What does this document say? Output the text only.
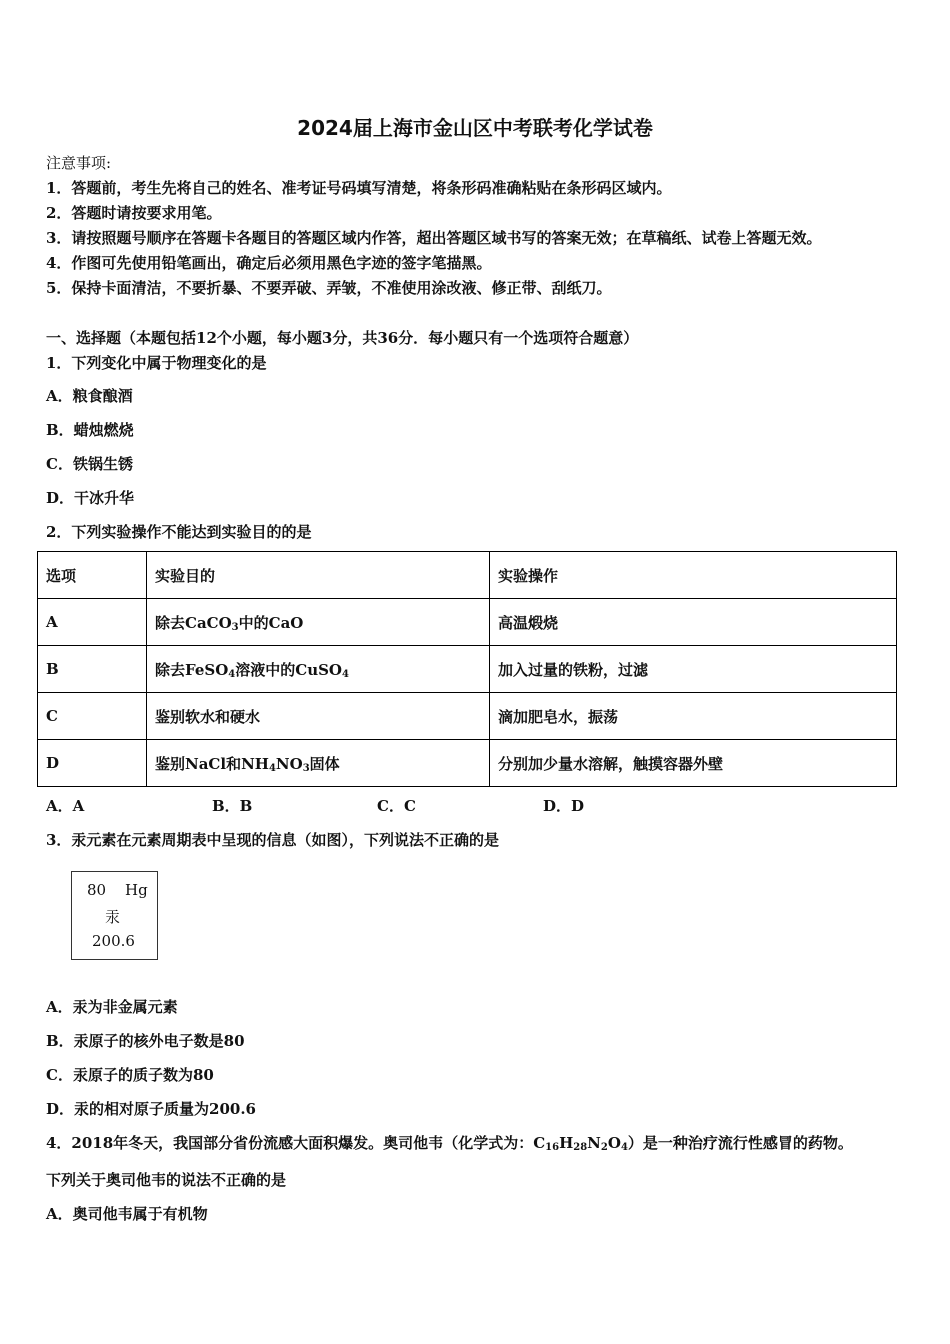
2024届上海市金山区中考联考化学试卷
注意事项:
1．答题前，考生先将自己的姓名、准考证号码填写清楚，将条形码准确粘贴在条形码区域内。
2．答题时请按要求用笔。
3．请按照题号顺序在答题卡各题目的答题区域内作答，超出答题区域书写的答案无效；在草稿纸、试卷上答题无效。
4．作图可先使用铅笔画出，确定后必须用黑色字迹的签字笔描黑。
5．保持卡面清洁，不要折暴、不要弄破、弄皱，不准使用涂改液、修正带、刮纸刀。
一、选择题（本题包括12个小题，每小题3分，共36分．每小题只有一个选项符合题意）
1．下列变化中属于物理变化的是
A．粮食酿酒
B．蜡烛燃烧
C．铁锅生锈
D．干冰升华
2．下列实验操作不能达到实验目的的是
选项	实验目的	实验操作
A	除去CaCO$_3$中的CaO	高温煅烧
B	除去FeSO$_4$溶液中的CuSO$_4$	加入过量的铁粉，过滤
C	鉴别软水和硬水	滴加肥皂水，振荡
D	鉴别NaCl和$NH_4NO_3$固体	分别加少量水溶解，触摸容器外壁
A．A	B．B	C．C	D．D
3．汞元素在元素周期表中呈现的信息（如图），下列说法不正确的是
80 Hg
汞
200.6
A．汞为非金属元素
B．汞原子的核外电子数是80
C．汞原子的质子数为80
D．汞的相对原子质量为200.6
4．2018年冬天，我国部分省份流感大面积爆发。奥司他韦（化学式为：$C_{16}H_{28}N_2O_4$）是一种治疗流行性感冒的药物。
下列关于奥司他韦的说法不正确的是
A．奥司他韦属于有机物
